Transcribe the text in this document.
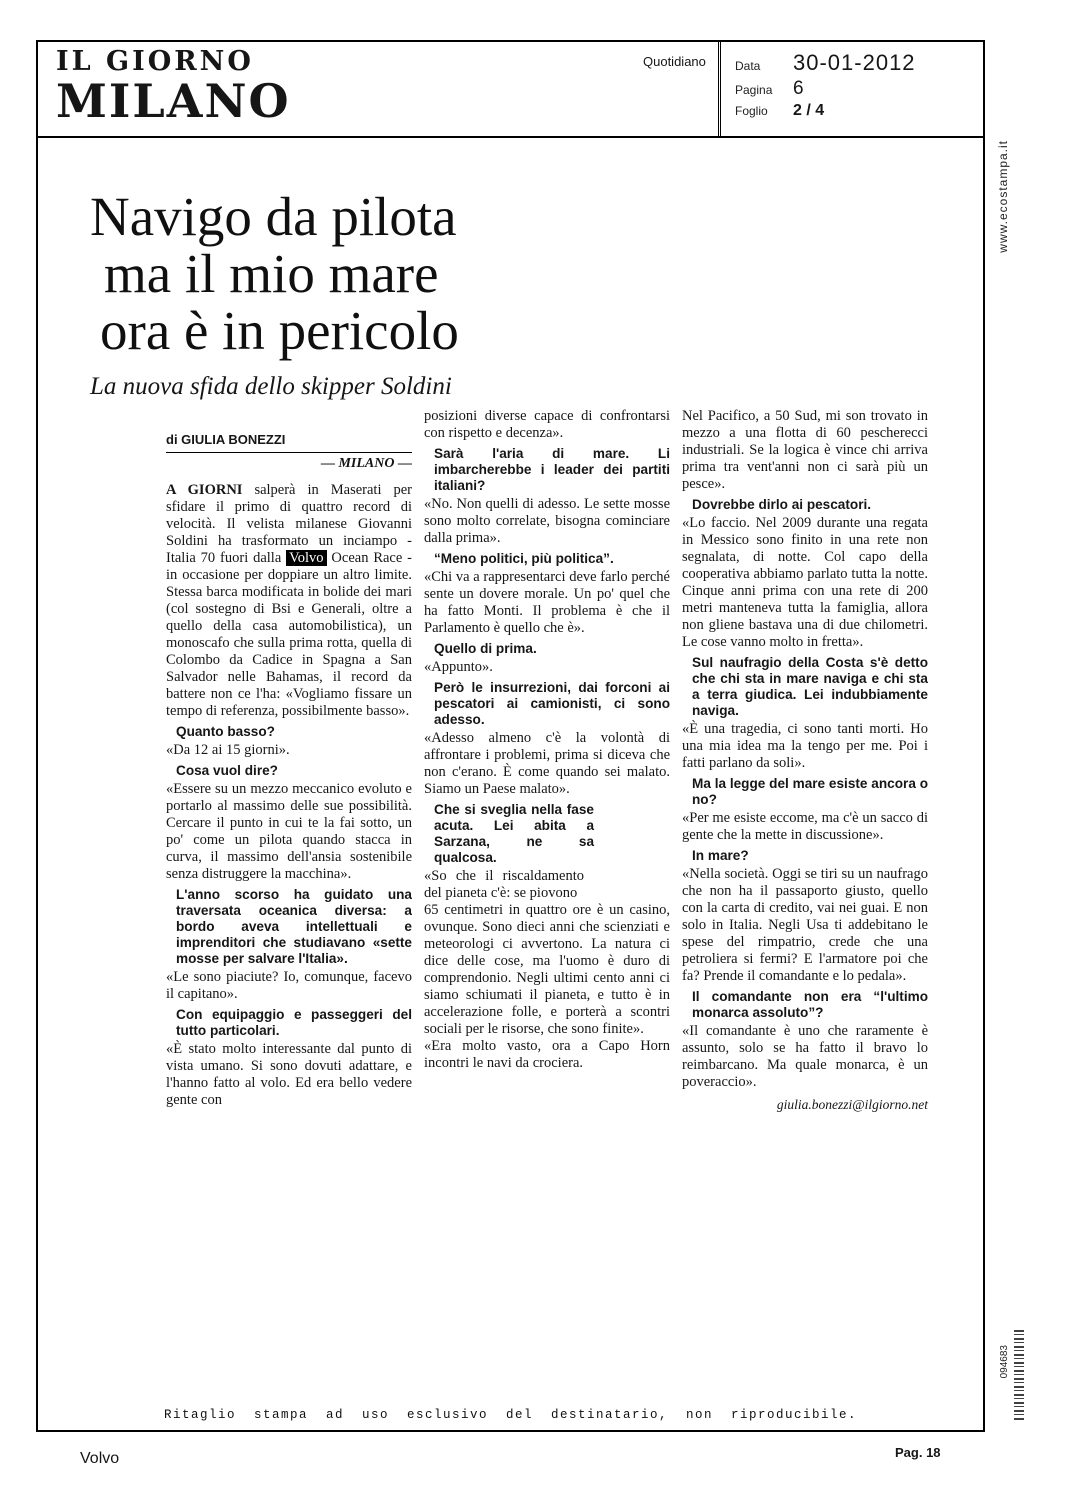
IL GIORNO
MILANO
Quotidiano Data	30-01-2012
Pagina	6
Foglio	2 / 4
Navigo da pilota
ma il mio mare
ora è in pericolo
La nuova sfida dello skipper Soldini
di GIULIA BONEZZI
— MILANO —

A GIORNI salperà in Maserati per sfidare il primo di quattro record di velocità. Il velista milanese Giovanni Soldini ha trasformato un inciampo - Italia 70 fuori dalla Volvo Ocean Race - in occasione per doppiare un altro limite. Stessa barca modificata in bolide dei mari (col sostegno di Bsi e Generali, oltre a quello della casa automobilistica), un monoscafo che sulla prima rotta, quella di Colombo da Cadice in Spagna a San Salvador nelle Bahamas, il record da battere non ce l'ha: «Vogliamo fissare un tempo di referenza, possibilmente basso».

Quanto basso?

«Da 12 ai 15 giorni».

Cosa vuol dire?

«Essere su un mezzo meccanico evoluto e portarlo al massimo delle sue possibilità. Cercare il punto in cui te la fai sotto, un po' come un pilota quando stacca in curva, il massimo dell'ansia sostenibile senza distruggere la macchina».

L'anno scorso ha guidato una traversata oceanica diversa: a bordo aveva intellettuali e imprenditori che studiavano «sette mosse per salvare l'Italia».

«Le sono piaciute? Io, comunque, facevo il capitano».

Con equipaggio e passeggeri del tutto particolari.

«È stato molto interessante dal punto di vista umano. Si sono dovuti adattare, e l'hanno fatto al volo. Ed era bello vedere gente con

posizioni diverse capace di confrontarsi con rispetto e decenza».

Sarà l'aria di mare. Li imbarcherebbe i leader dei partiti italiani?

«No. Non quelli di adesso. Le sette mosse sono molto correlate, bisogna cominciare dalla prima».

“Meno politici, più politica”.

«Chi va a rappresentarci deve farlo perché sente un dovere morale. Un po' quel che ha fatto Monti. Il problema è che il Parlamento è quello che è».

Quello di prima.

«Appunto».

Però le insurrezioni, dai forconi ai pescatori ai camionisti, ci sono adesso.

«Adesso almeno c'è la volontà di affrontare i problemi, prima si diceva che non c'erano. È come quando sei malato. Siamo un Paese malato».

Che si sveglia nella fase acuta. Lei abita a Sarzana, ne sa qualcosa.

«So che il riscaldamento del pianeta c'è: se piovono

65 centimetri in quattro ore è un casino, ovunque. Sono dieci anni che scienziati e meteorologi ci avvertono. La natura ci dice delle cose, ma l'uomo è duro di comprendonio. Negli ultimi cento anni ci siamo schiumati il pianeta, e tutto è in accelerazione folle, e porterà a scontri sociali per le risorse, che sono finite».

«Era molto vasto, ora a Capo Horn incontri le navi da crociera.

Nel Pacifico, a 50 Sud, mi son trovato in mezzo a una flotta di 60 pescherecci industriali. Se la logica è vince chi arriva prima tra vent'anni non ci sarà più un pesce».

Dovrebbe dirlo ai pescatori.

«Lo faccio. Nel 2009 durante una regata in Messico sono finito in una rete non segnalata, di notte. Col capo della cooperativa abbiamo parlato tutta la notte. Cinque anni prima con una rete di 200 metri manteneva tutta la famiglia, allora non gliene bastava una di due chilometri. Le cose vanno molto in fretta».

Sul naufragio della Costa s'è detto che chi sta in mare naviga e chi sta a terra giudica. Lei indubbiamente naviga.

«È una tragedia, ci sono tanti morti. Ho una mia idea ma la tengo per me. Poi i fatti parlano da soli».

Ma la legge del mare esiste ancora o no?

«Per me esiste eccome, ma c'è un sacco di gente che la mette in discussione».

In mare?

«Nella società. Oggi se tiri su un naufrago che non ha il passaporto giusto, quello con la carta di credito, vai nei guai. E non solo in Italia. Negli Usa ti addebitano le spese del rimpatrio, crede che una petroliera si fermi? E l'armatore poi che fa? Prende il comandante e lo pedala».

Il comandante non era “l'ultimo monarca assoluto”?

«Il comandante è uno che raramente è assunto, solo se ha fatto il bravo lo reimbarcano. Ma quale monarca, è un poveraccio».

giulia.bonezzi@ilgiorno.net

Ritaglio stampa ad uso esclusivo del destinatario, non riproducibile.
Volvo	Pag. 18
www.ecostampa.it
094683
